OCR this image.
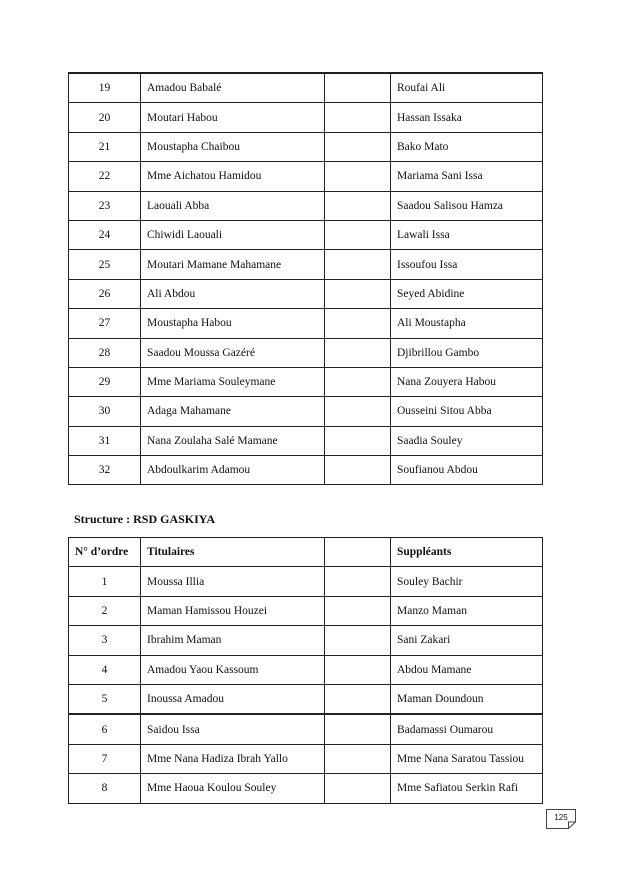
19	Amadou Babalé		Roufai Ali
20	Moutari Habou		Hassan Issaka
21	Moustapha Chaibou		Bako Mato
22	Mme Aichatou Hamidou		Mariama Sani Issa
23	Laouali Abba		Saadou Salisou Hamza
24	Chiwidi Laouali		Lawali Issa
25	Moutari Mamane Mahamane		Issoufou Issa
26	Ali Abdou		Seyed Abidine
27	Moustapha Habou		Ali Moustapha
28	Saadou Moussa Gazéré		Djibrillou Gambo
29	Mme Mariama Souleymane		Nana Zouyera Habou
30	Adaga Mahamane		Ousseini Sitou Abba
31	Nana Zoulaha Salé Mamane		Saadia Souley
32	Abdoulkarim Adamou		Soufianou Abdou
Structure : RSD GASKIYA
N° d’ordre	Titulaires		Suppléants
1	Moussa Illia		Souley Bachir
2	Maman Hamissou Houzei		Manzo Maman
3	Ibrahim Maman		Sani Zakari
4	Amadou Yaou Kassoum		Abdou Mamane
5	Inoussa Amadou		Maman Doundoun
6	Saidou Issa		Badamassi Oumarou
7	Mme Nana Hadiza Ibrah Yallo		Mme Nana Saratou Tassiou
8	Mme Haoua Koulou Souley		Mme Safiatou Serkin Rafi
125
